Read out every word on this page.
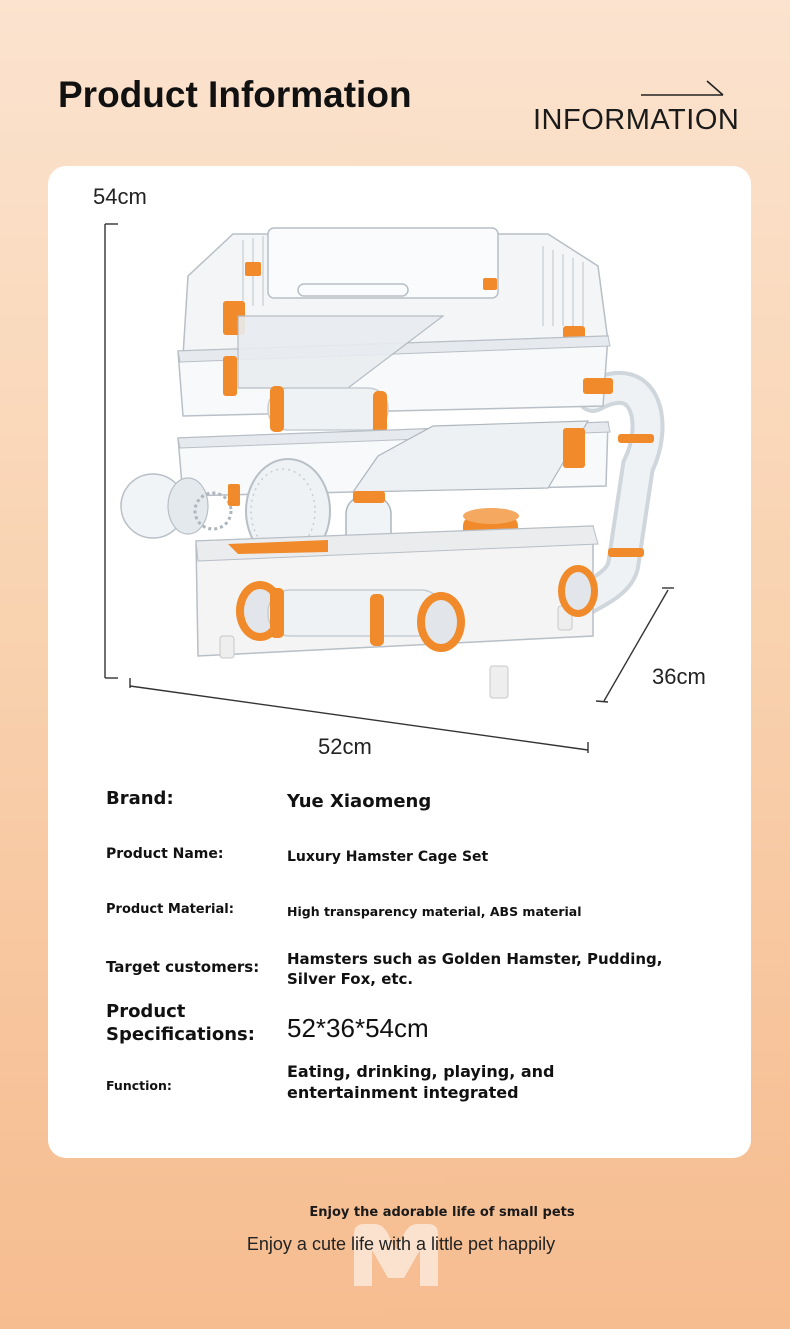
Product Information
INFORMATION
54cm
52cm
36cm
Brand:	Yue Xiaomeng
Product Name:	Luxury Hamster Cage Set
Product Material:	High transparency material, ABS material
Target customers: Hamsters such as Golden Hamster, Pudding, Silver Fox, etc.
Product Specifications:	52*36*54cm
Function:
Eating, drinking, playing, and entertainment integrated
Enjoy the adorable life of small pets
Enjoy a cute life with a little pet happily
